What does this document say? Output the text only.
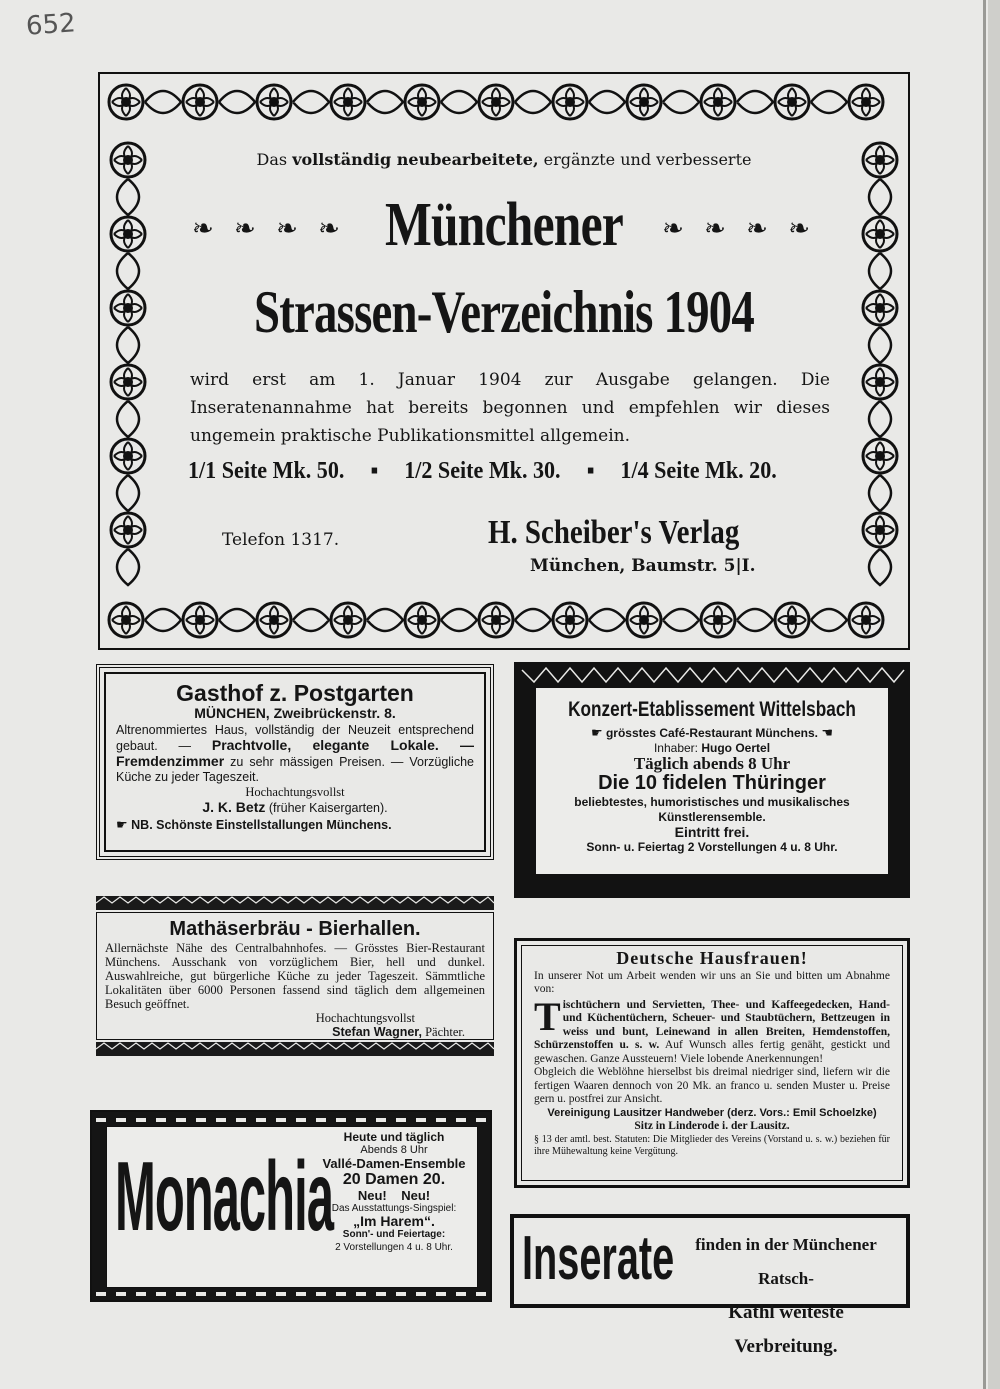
652
Das vollständig neubearbeitete, ergänzte und verbesserte
❧ ❧ ❧ ❧ Münchener	❧ ❧ ❧ ❧
Strassen-Verzeichnis 1904
wird erst am 1. Januar 1904 zur Ausgabe gelangen. Die Inseratenannahme hat bereits begonnen und empfehlen wir dieses ungemein praktische Publikationsmittel allgemein.
1/1 Seite Mk. 50. ▪ 1/2 Seite Mk. 30. ▪ 1/4 Seite Mk. 20.
Telefon 1317.	H. Scheiber's Verlag
München, Baumstr. 5|I.
Gasthof z. Postgarten
MÜNCHEN, Zweibrückenstr. 8.
Altrenommiertes Haus, vollständig der Neuzeit entsprechend gebaut. — Prachtvolle, elegante Lokale. — Fremdenzimmer zu sehr mässigen Preisen. — Vorzügliche Küche zu jeder Tageszeit.
Hochachtungsvollst
J. K. Betz (früher Kaisergarten).
☛ NB. Schönste Einstellstallungen Münchens.
Konzert-Etablissement Wittelsbach
☛ grösstes Café-Restaurant Münchens. ☚
Inhaber: Hugo Oertel
Täglich abends 8 Uhr
Die 10 fidelen Thüringer
beliebtestes, humoristisches und musikalisches Künstlerensemble.
Eintritt frei.
Sonn- u. Feiertag 2 Vorstellungen 4 u. 8 Uhr.
Mathäserbräu - Bierhallen.
Allernächste Nähe des Centralbahnhofes. — Grösstes Bier-Restaurant Münchens. Ausschank von vorzüglichem Bier, hell und dunkel. Auswahlreiche, gut bürgerliche Küche zu jeder Tageszeit. Sämmtliche Lokalitäten über 6000 Personen fassend sind täglich dem allgemeinen Besuch geöffnet.
Hochachtungsvollst
Stefan Wagner, Pächter.
Deutsche Hausfrauen!
In unserer Not um Arbeit wenden wir uns an Sie und bitten um Abnahme von:
T ischtüchern und Servietten, Thee- und Kaffeegedecken, Hand- und Küchentüchern, Scheuer- und Staubtüchern, Bettzeugen in weiss und bunt, Leinewand in allen Breiten, Hemdenstoffen, Schürzenstoffen u. s. w. Auf Wunsch alles fertig genäht, gestickt und gewaschen. Ganze Aussteuern! Viele lobende Anerkennungen!
Obgleich die Weblöhne hierselbst bis dreimal niedriger sind, liefern wir die fertigen Waaren dennoch von 20 Mk. an franco u. senden Muster u. Preise gern u. postfrei zur Ansicht.
Vereinigung Lausitzer Handweber (derz. Vors.: Emil Schoelzke)
Sitz in Linderode i. der Lausitz.
§ 13 der amtl. best. Statuten: Die Mitglieder des Vereins (Vorstand u. s. w.) beziehen für ihre Mühewaltung keine Vergütung.
Monachia
Heute und täglich
Abends 8 Uhr
Vallé-Damen-Ensemble
20 Damen 20.
Neu!    Neu!
Das Ausstattungs-Singspiel:
„Im Harem“.
Sonn'- und Feiertage:
2 Vorstellungen 4 u. 8 Uhr. Inserate	finden in der Münchener Ratsch-
Kathl weiteste Verbreitung.
